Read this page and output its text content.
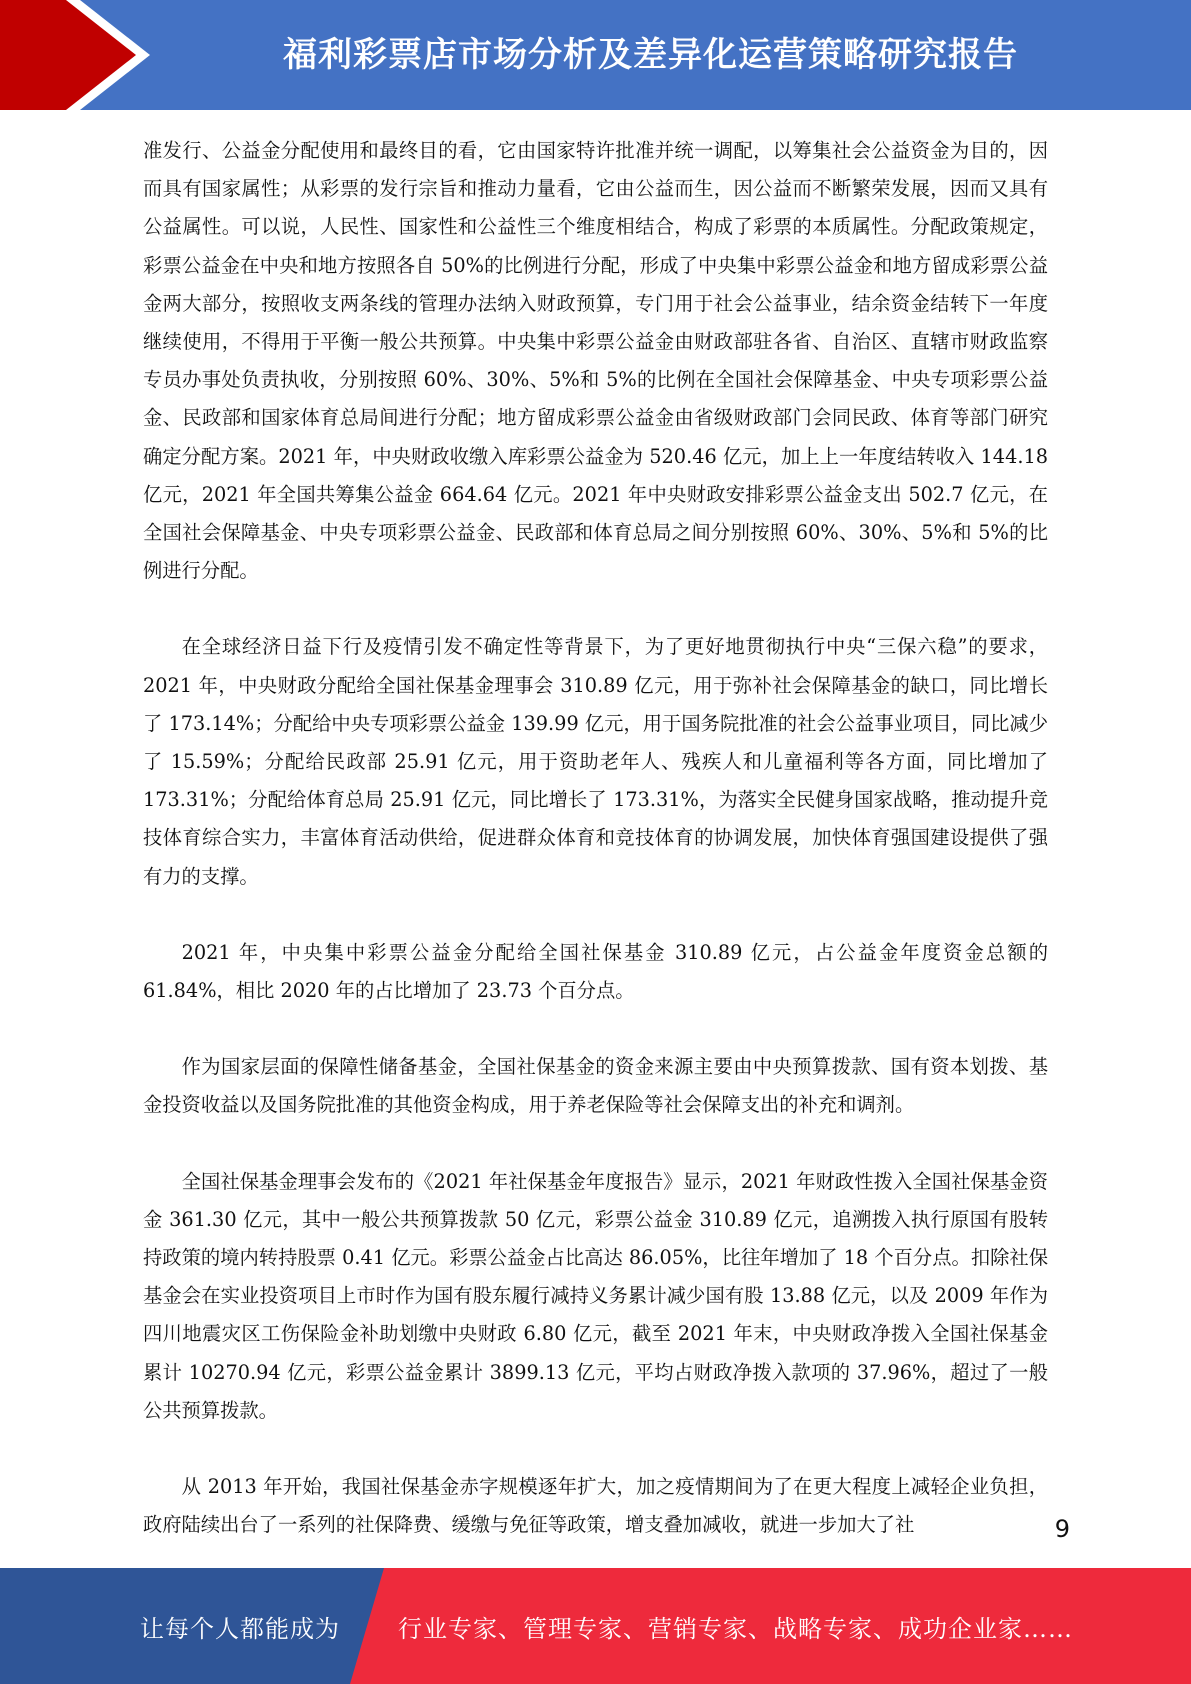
福利彩票店市场分析及差异化运营策略研究报告

准发行、公益金分配使用和最终目的看，它由国家特许批准并统一调配，以筹集社会公益资金为目的，因而具有国家属性；从彩票的发行宗旨和推动力量看，它由公益而生，因公益而不断繁荣发展，因而又具有公益属性。可以说，人民性、国家性和公益性三个维度相结合，构成了彩票的本质属性。分配政策规定，彩票公益金在中央和地方按照各自 50%的比例进行分配，形成了中央集中彩票公益金和地方留成彩票公益金两大部分，按照收支两条线的管理办法纳入财政预算，专门用于社会公益事业，结余资金结转下一年度继续使用，不得用于平衡一般公共预算。中央集中彩票公益金由财政部驻各省、自治区、直辖市财政监察专员办事处负责执收，分别按照 60%、30%、5%和 5%的比例在全国社会保障基金、中央专项彩票公益金、民政部和国家体育总局间进行分配；地方留成彩票公益金由省级财政部门会同民政、体育等部门研究确定分配方案。2021 年，中央财政收缴入库彩票公益金为 520.46 亿元，加上上一年度结转收入 144.18 亿元，2021 年全国共筹集公益金 664.64 亿元。2021 年中央财政安排彩票公益金支出 502.7 亿元，在全国社会保障基金、中央专项彩票公益金、民政部和体育总局之间分别按照 60%、30%、5%和 5%的比例进行分配。

在全球经济日益下行及疫情引发不确定性等背景下，为了更好地贯彻执行中央“三保六稳”的要求，2021 年，中央财政分配给全国社保基金理事会 310.89 亿元，用于弥补社会保障基金的缺口，同比增长了 173.14%；分配给中央专项彩票公益金 139.99 亿元，用于国务院批准的社会公益事业项目，同比减少了 15.59%；分配给民政部 25.91 亿元，用于资助老年人、残疾人和儿童福利等各方面，同比增加了 173.31%；分配给体育总局 25.91 亿元，同比增长了 173.31%，为落实全民健身国家战略，推动提升竞技体育综合实力，丰富体育活动供给，促进群众体育和竞技体育的协调发展，加快体育强国建设提供了强有力的支撑。

2021 年，中央集中彩票公益金分配给全国社保基金 310.89 亿元，占公益金年度资金总额的 61.84%，相比 2020 年的占比增加了 23.73 个百分点。

作为国家层面的保障性储备基金，全国社保基金的资金来源主要由中央预算拨款、国有资本划拨、基金投资收益以及国务院批准的其他资金构成，用于养老保险等社会保障支出的补充和调剂。

全国社保基金理事会发布的《2021 年社保基金年度报告》显示，2021 年财政性拨入全国社保基金资金 361.30 亿元，其中一般公共预算拨款 50 亿元，彩票公益金 310.89 亿元，追溯拨入执行原国有股转持政策的境内转持股票 0.41 亿元。彩票公益金占比高达 86.05%，比往年增加了 18 个百分点。扣除社保基金会在实业投资项目上市时作为国有股东履行减持义务累计减少国有股 13.88 亿元，以及 2009 年作为四川地震灾区工伤保险金补助划缴中央财政 6.80 亿元，截至 2021 年末，中央财政净拨入全国社保基金累计 10270.94 亿元，彩票公益金累计 3899.13 亿元，平均占财政净拨入款项的 37.96%，超过了一般公共预算拨款。

从 2013 年开始，我国社保基金赤字规模逐年扩大，加之疫情期间为了在更大程度上减轻企业负担，政府陆续出台了一系列的社保降费、缓缴与免征等政策，增支叠加减收，就进一步加大了社	9
让每个人都能成为 行业专家、管理专家、营销专家、战略专家、成功企业家……
